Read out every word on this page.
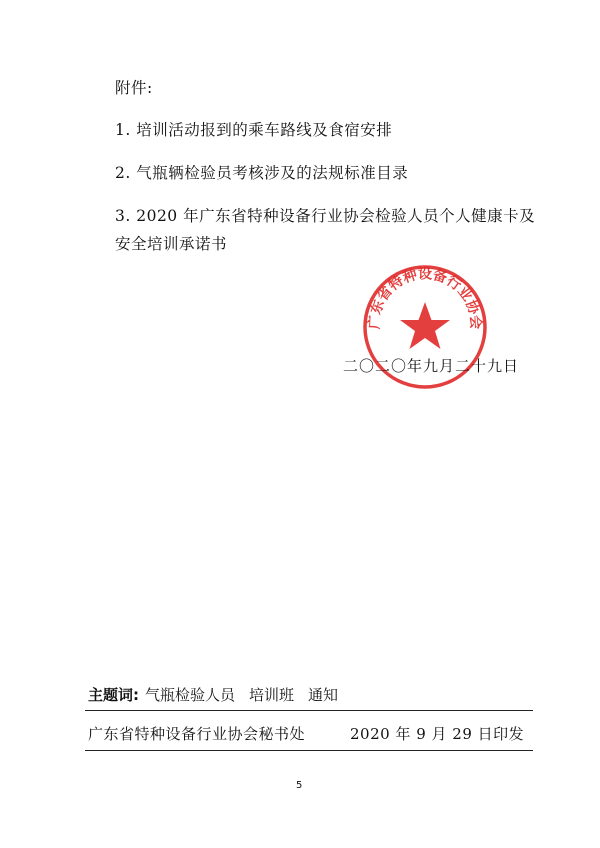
附件:
1. 培训活动报到的乘车路线及食宿安排
2. 气瓶辆检验员考核涉及的法规标准目录
3. 2020 年广东省特种设备行业协会检验人员个人健康卡及
安全培训承诺书
广东省特种设备行业协会
二〇二〇年九月二十九日
主题词: 气瓶检验人员 培训班 通知
广东省特种设备行业协会秘书处	2020 年 9 月 29 日印发
5
